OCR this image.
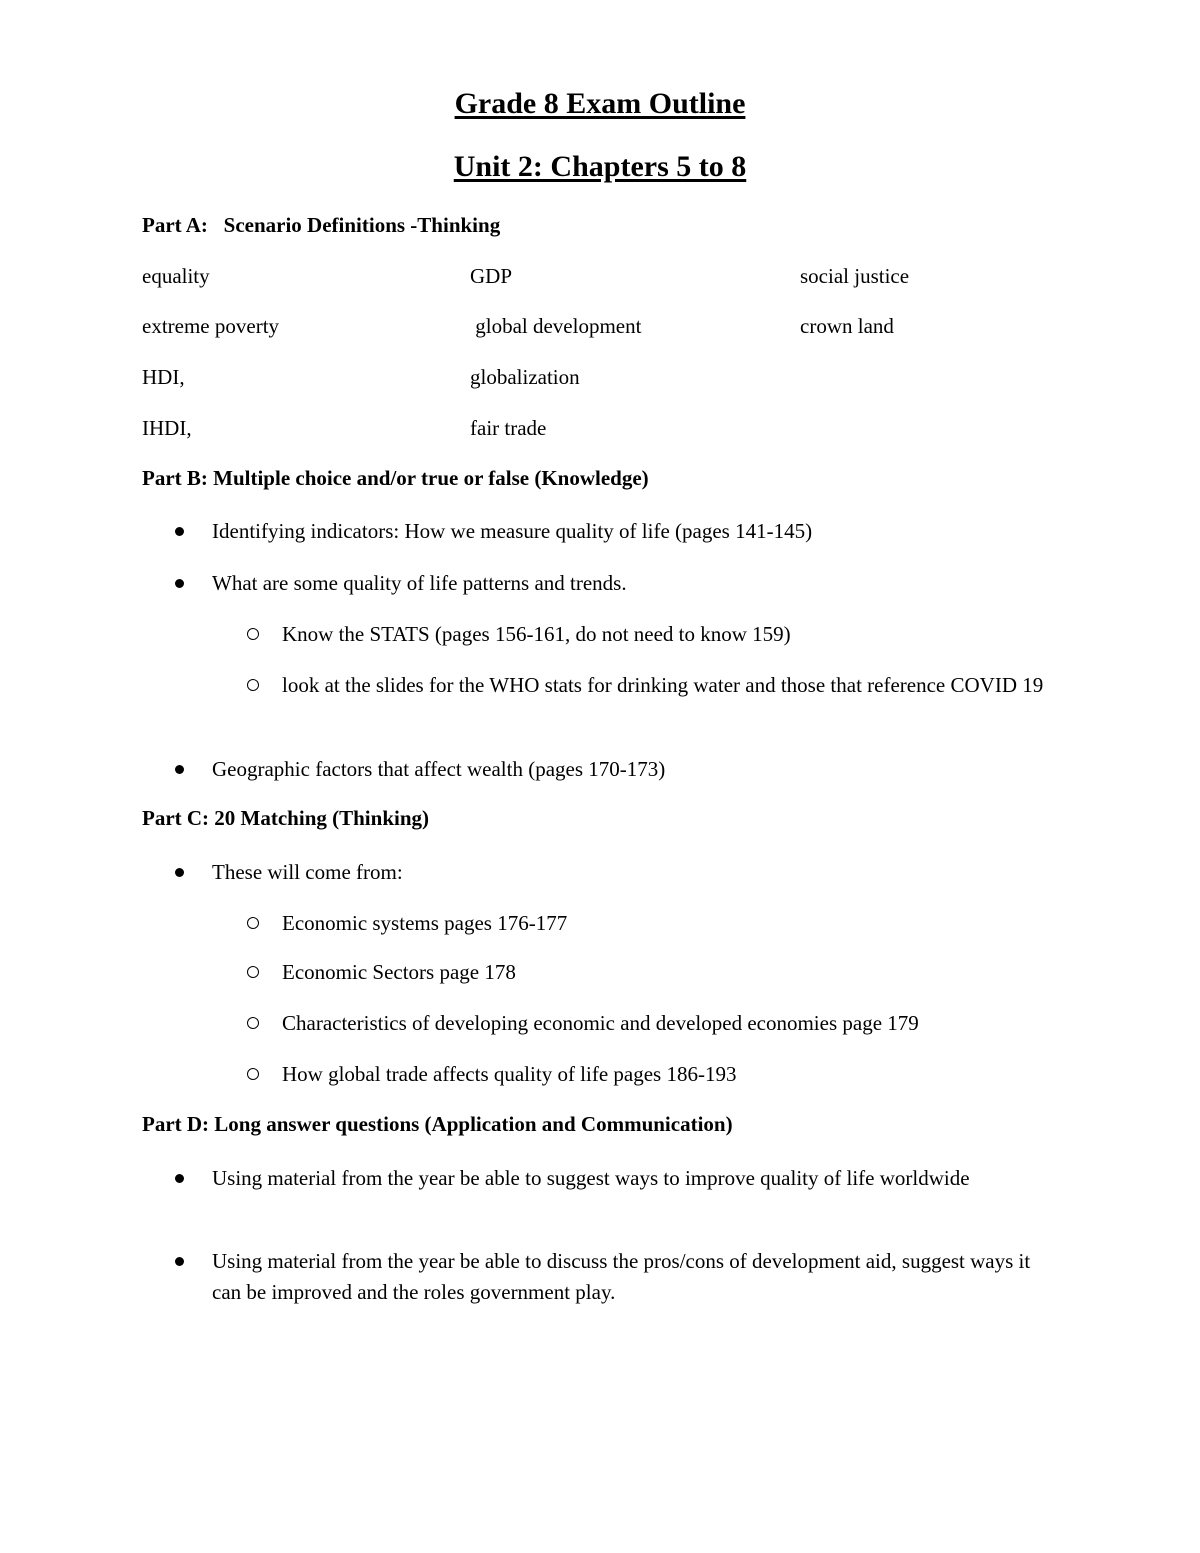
Grade 8 Exam Outline
Unit 2: Chapters 5 to 8
Part A:   Scenario Definitions -Thinking
equality	GDP	social justice
extreme poverty	global development	crown land
HDI,	globalization
IHDI,	fair trade
Part B: Multiple choice and/or true or false (Knowledge)
Identifying indicators: How we measure quality of life (pages 141-145)
What are some quality of life patterns and trends.
Know the STATS (pages 156-161, do not need to know 159)
look at the slides for the WHO stats for drinking water and those that reference COVID 19
Geographic factors that affect wealth (pages 170-173)
Part C: 20 Matching (Thinking)
These will come from:
Economic systems pages 176-177
Economic Sectors page 178
Characteristics of developing economic and developed economies page 179
How global trade affects quality of life pages 186-193
Part D: Long answer questions (Application and Communication)
Using material from the year be able to suggest ways to improve quality of life worldwide
Using material from the year be able to discuss the pros/cons of development aid, suggest ways it can be improved and the roles government play.
